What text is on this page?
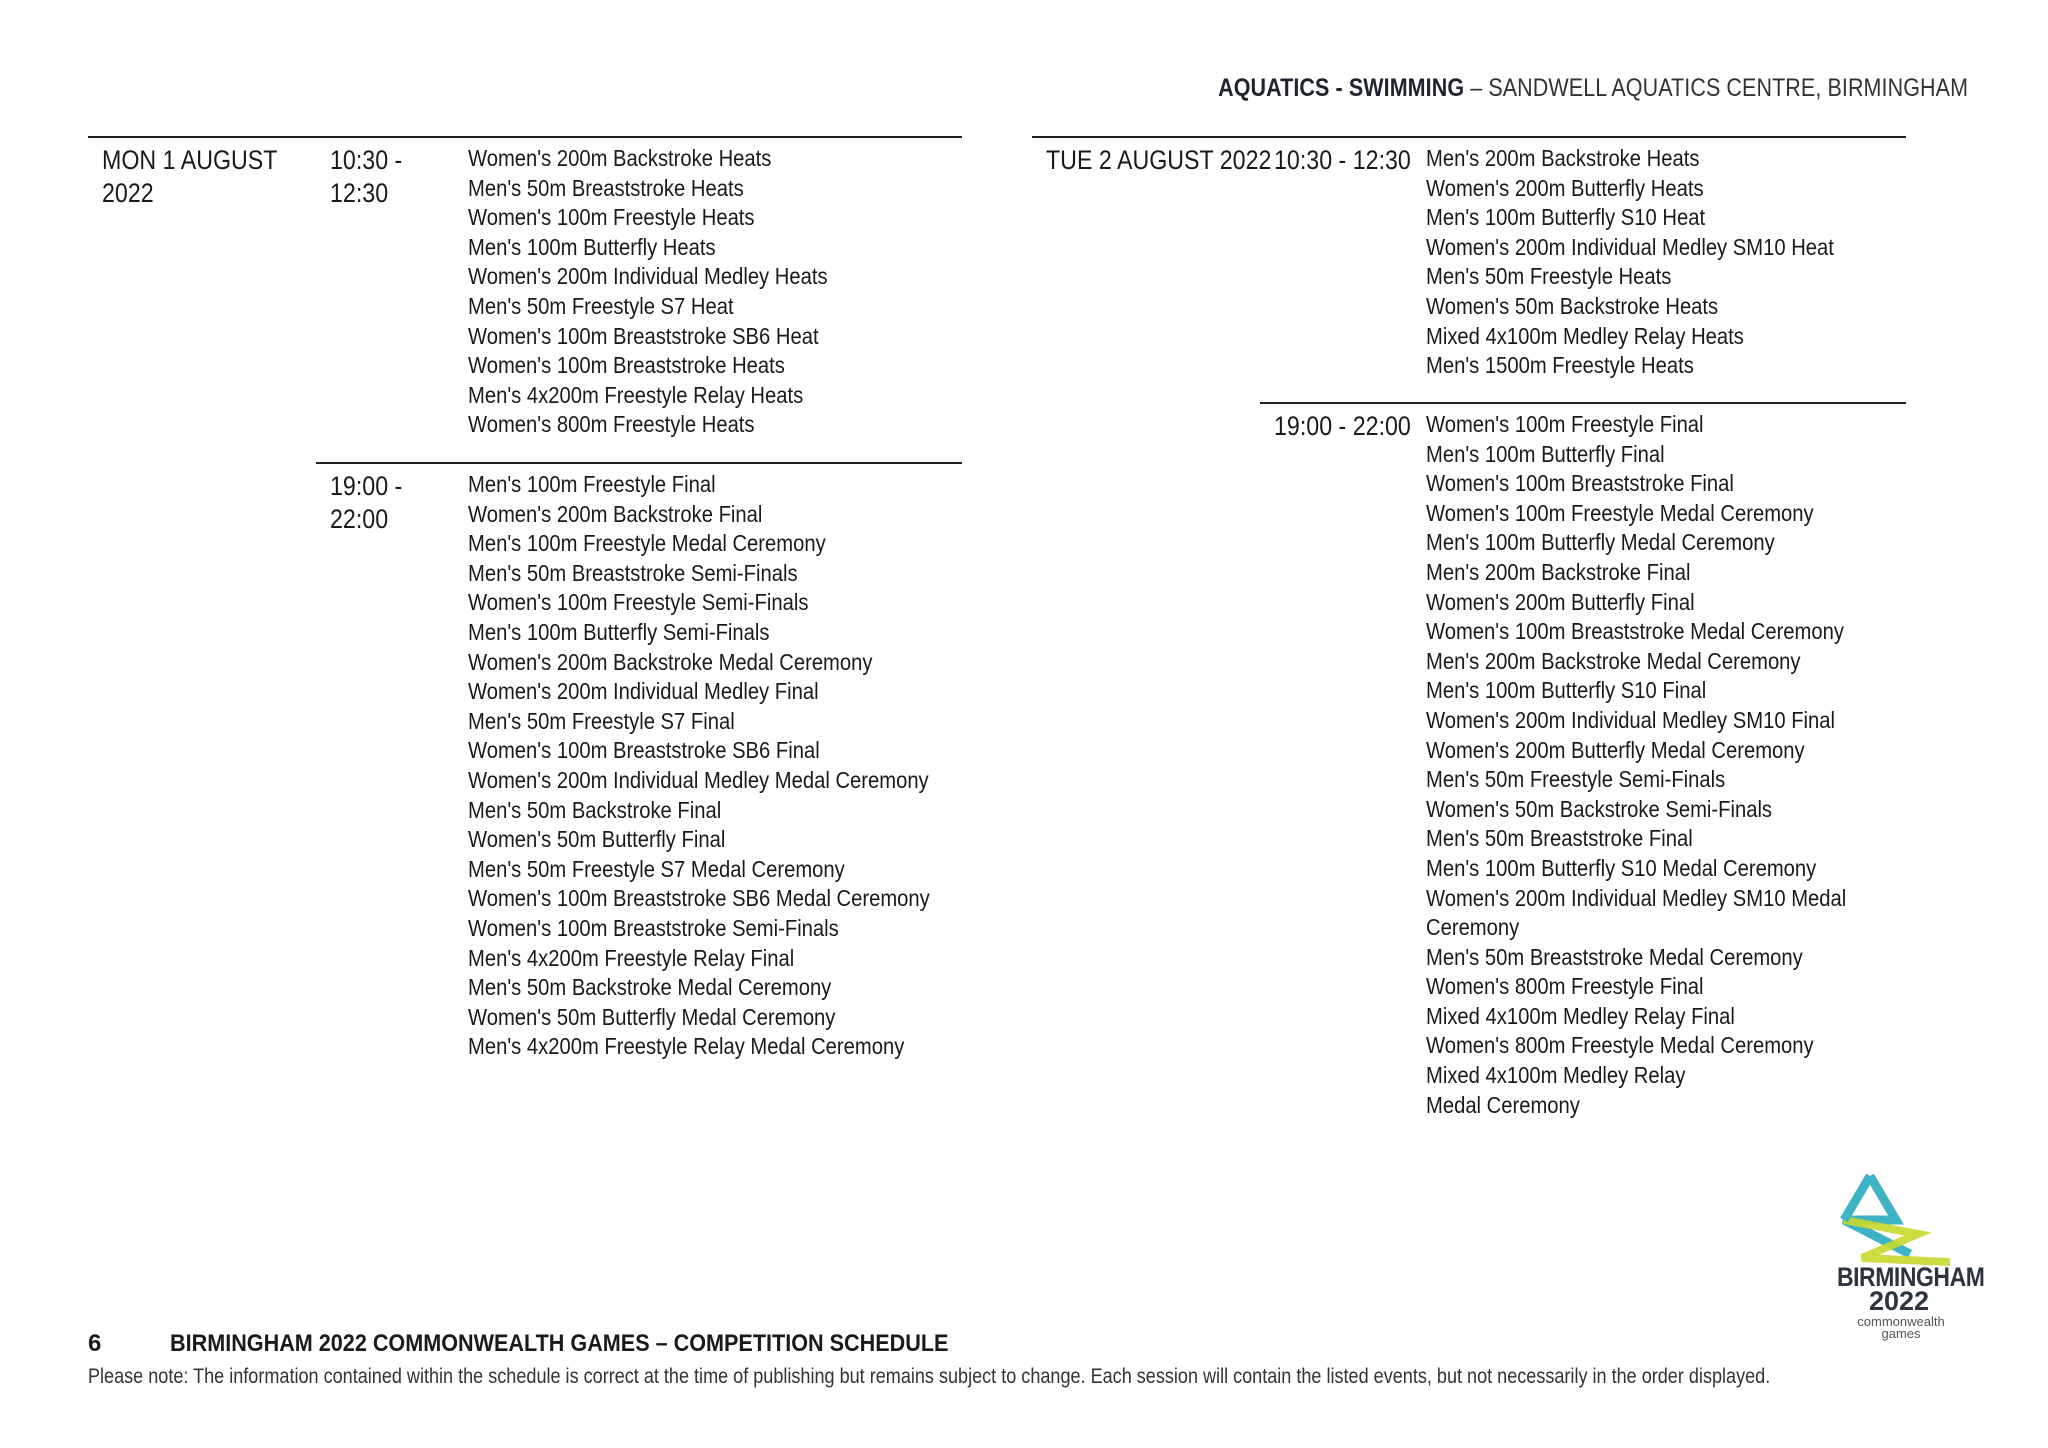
AQUATICS - SWIMMING – SANDWELL AQUATICS CENTRE, BIRMINGHAM
MON 1 AUGUST
2022
10:30 -
12:30
Women's 200m Backstroke Heats
Men's 50m Breaststroke Heats
Women's 100m Freestyle Heats
Men's 100m Butterfly Heats
Women's 200m Individual Medley Heats
Men's 50m Freestyle S7 Heat
Women's 100m Breaststroke SB6 Heat
Women's 100m Breaststroke Heats
Men's 4x200m Freestyle Relay Heats
Women's 800m Freestyle Heats
19:00 -
22:00
Men's 100m Freestyle Final
Women's 200m Backstroke Final
Men's 100m Freestyle Medal Ceremony
Men's 50m Breaststroke Semi-Finals
Women's 100m Freestyle Semi-Finals
Men's 100m Butterfly Semi-Finals
Women's 200m Backstroke Medal Ceremony
Women's 200m Individual Medley Final
Men's 50m Freestyle S7 Final
Women's 100m Breaststroke SB6 Final
Women's 200m Individual Medley Medal Ceremony
Men's 50m Backstroke Final
Women's 50m Butterfly Final
Men's 50m Freestyle S7 Medal Ceremony
Women's 100m Breaststroke SB6 Medal Ceremony
Women's 100m Breaststroke Semi-Finals
Men's 4x200m Freestyle Relay Final
Men's 50m Backstroke Medal Ceremony
Women's 50m Butterfly Medal Ceremony
Men's 4x200m Freestyle Relay Medal Ceremony
TUE 2 AUGUST 2022 10:30 - 12:30 Men's 200m Backstroke Heats
Women's 200m Butterfly Heats
Men's 100m Butterfly S10 Heat
Women's 200m Individual Medley SM10 Heat
Men's 50m Freestyle Heats
Women's 50m Backstroke Heats
Mixed 4x100m Medley Relay Heats
Men's 1500m Freestyle Heats
19:00 - 22:00 Women's 100m Freestyle Final
Men's 100m Butterfly Final
Women's 100m Breaststroke Final
Women's 100m Freestyle Medal Ceremony
Men's 100m Butterfly Medal Ceremony
Men's 200m Backstroke Final
Women's 200m Butterfly Final
Women's 100m Breaststroke Medal Ceremony
Men's 200m Backstroke Medal Ceremony
Men's 100m Butterfly S10 Final
Women's 200m Individual Medley SM10 Final
Women's 200m Butterfly Medal Ceremony
Men's 50m Freestyle Semi-Finals
Women's 50m Backstroke Semi-Finals
Men's 50m Breaststroke Final
Men's 100m Butterfly S10 Medal Ceremony
Women's 200m Individual Medley SM10 Medal
Ceremony
Men's 50m Breaststroke Medal Ceremony
Women's 800m Freestyle Final
Mixed 4x100m Medley Relay Final
Women's 800m Freestyle Medal Ceremony
Mixed 4x100m Medley Relay
Medal Ceremony
BIRMINGHAM
2022
commonwealth
games
6	BIRMINGHAM 2022 COMMONWEALTH GAMES – COMPETITION SCHEDULE
Please note: The information contained within the schedule is correct at the time of publishing but remains subject to change. Each session will contain the listed events, but not necessarily in the order displayed.
